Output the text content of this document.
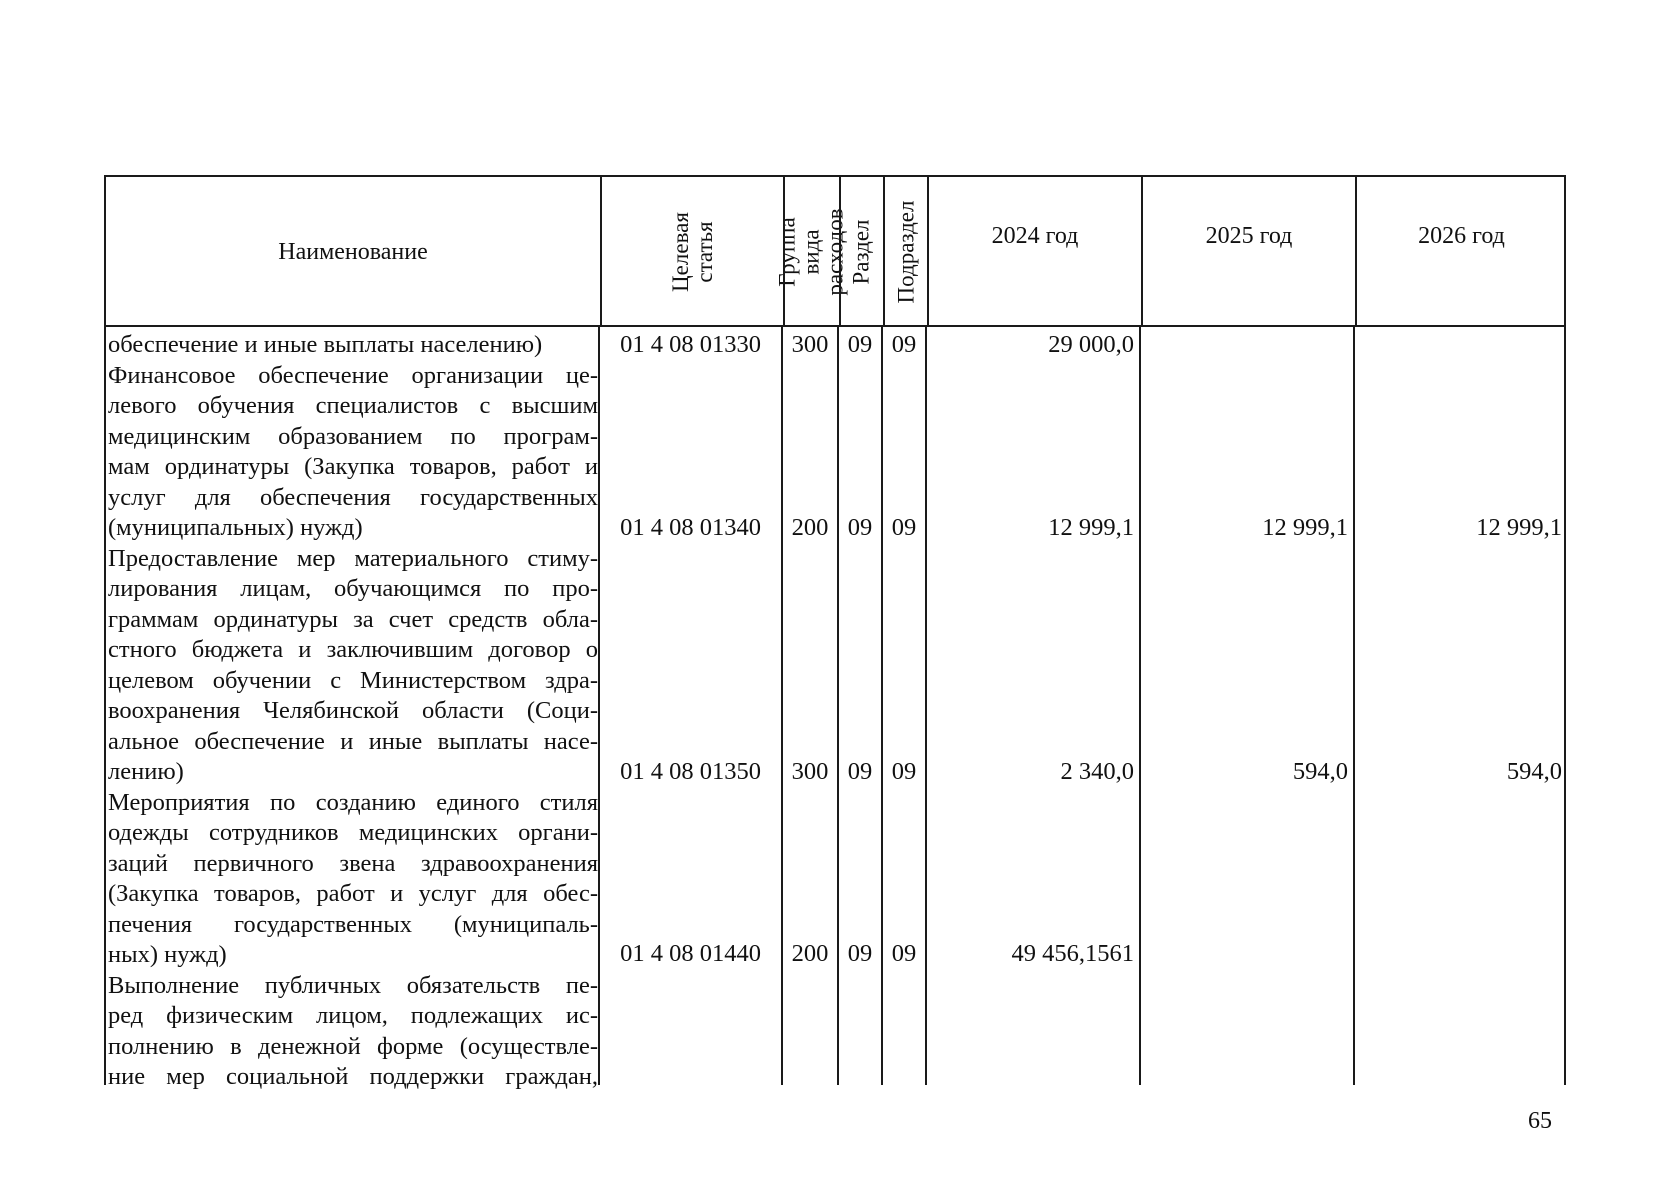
Наименование	Целевая статья	Группа вида расходов Раздел Подраздел	2024 год	2025 год	2026 год
обеспечение и иные выплаты населению)	01 4 08 01330	300 09 09	29 000,0
Финансовое обеспечение организации це-
левого обучения специалистов с высшим
медицинским образованием по програм-
мам ординатуры (Закупка товаров, работ и
услуг для обеспечения государственных
(муниципальных) нужд)	01 4 08 01340	200 09 09	12 999,1	12 999,1	12 999,1
Предоставление мер материального стиму-
лирования лицам, обучающимся по про-
граммам ординатуры за счет средств обла-
стного бюджета и заключившим договор о
целевом обучении с Министерством здра-
воохранения Челябинской области (Соци-
альное обеспечение и иные выплаты насе-
лению)	01 4 08 01350	300 09 09	2 340,0	594,0	594,0
Мероприятия по созданию единого стиля
одежды сотрудников медицинских органи-
заций первичного звена здравоохранения
(Закупка товаров, работ и услуг для обес-
печения государственных (муниципаль-
ных) нужд)	01 4 08 01440	200 09 09	49 456,1561
Выполнение публичных обязательств пе-
ред физическим лицом, подлежащих ис-
полнению в денежной форме (осуществле-
ние мер социальной поддержки граждан,
65
